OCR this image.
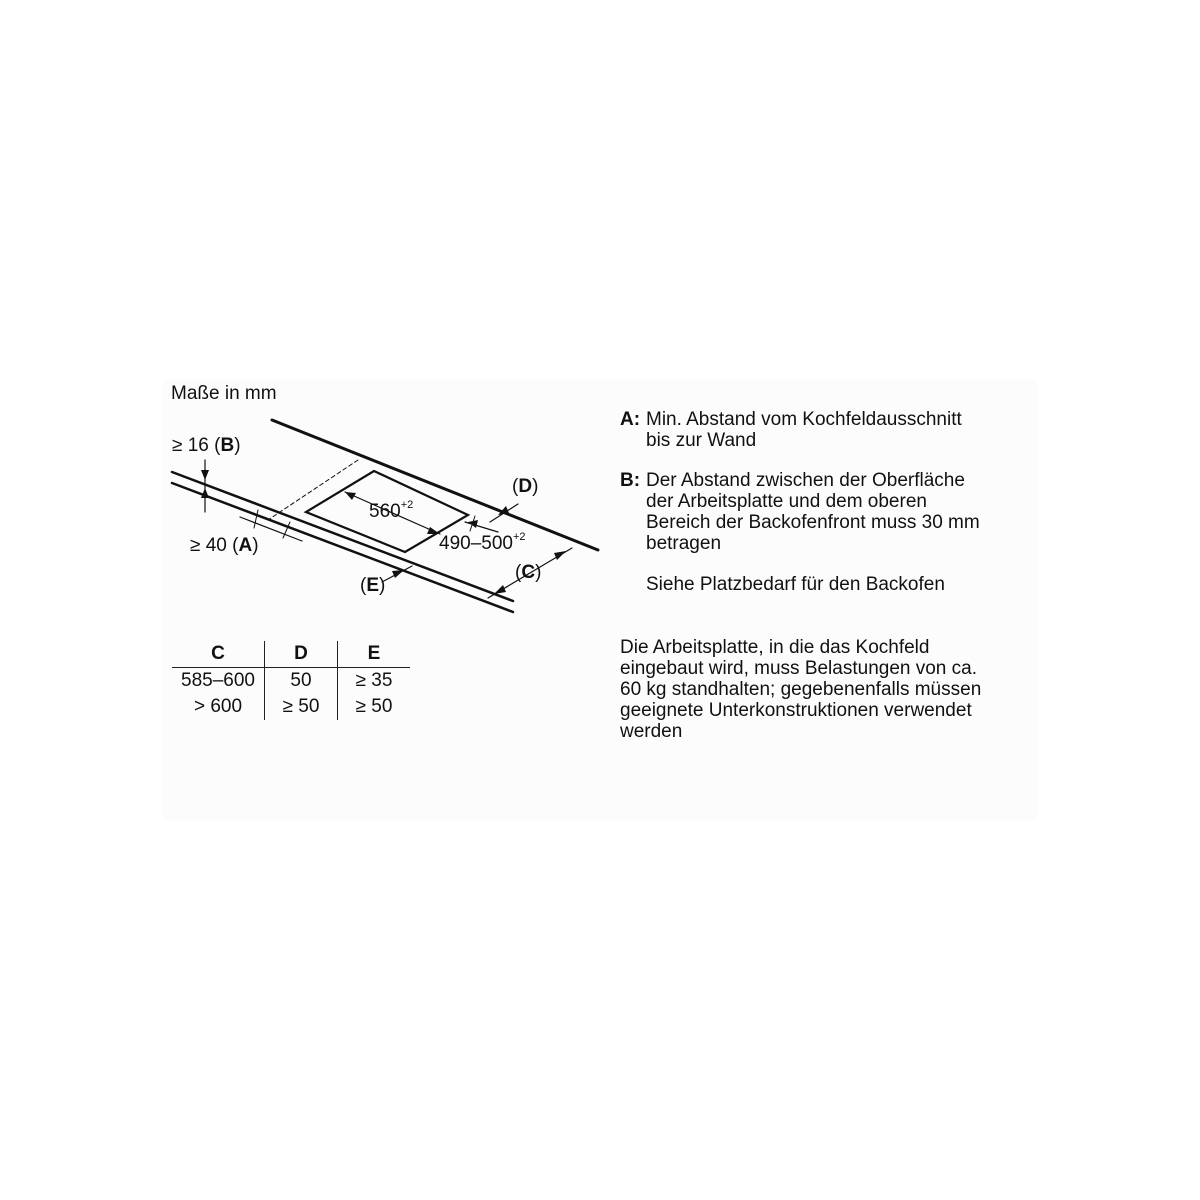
Maße in mm
≥ 16 (B)
≥ 40 (A)
(D)
(C)
(E)
$560^{+2}$
$490-500^{+2}$
C	D	E
585–600	50	≥ 35
> 600	≥ 50	≥ 50
A: Min. Abstand vom Kochfeldausschnitt
bis zur Wand
B: Der Abstand zwischen der Oberfläche
der Arbeitsplatte und dem oberen
Bereich der Backofenfront muss 30 mm
betragen
Siehe Platzbedarf für den Backofen
Die Arbeitsplatte, in die das Kochfeld
eingebaut wird, muss Belastungen von ca.
60 kg standhalten; gegebenenfalls müssen
geeignete Unterkonstruktionen verwendet
werden
